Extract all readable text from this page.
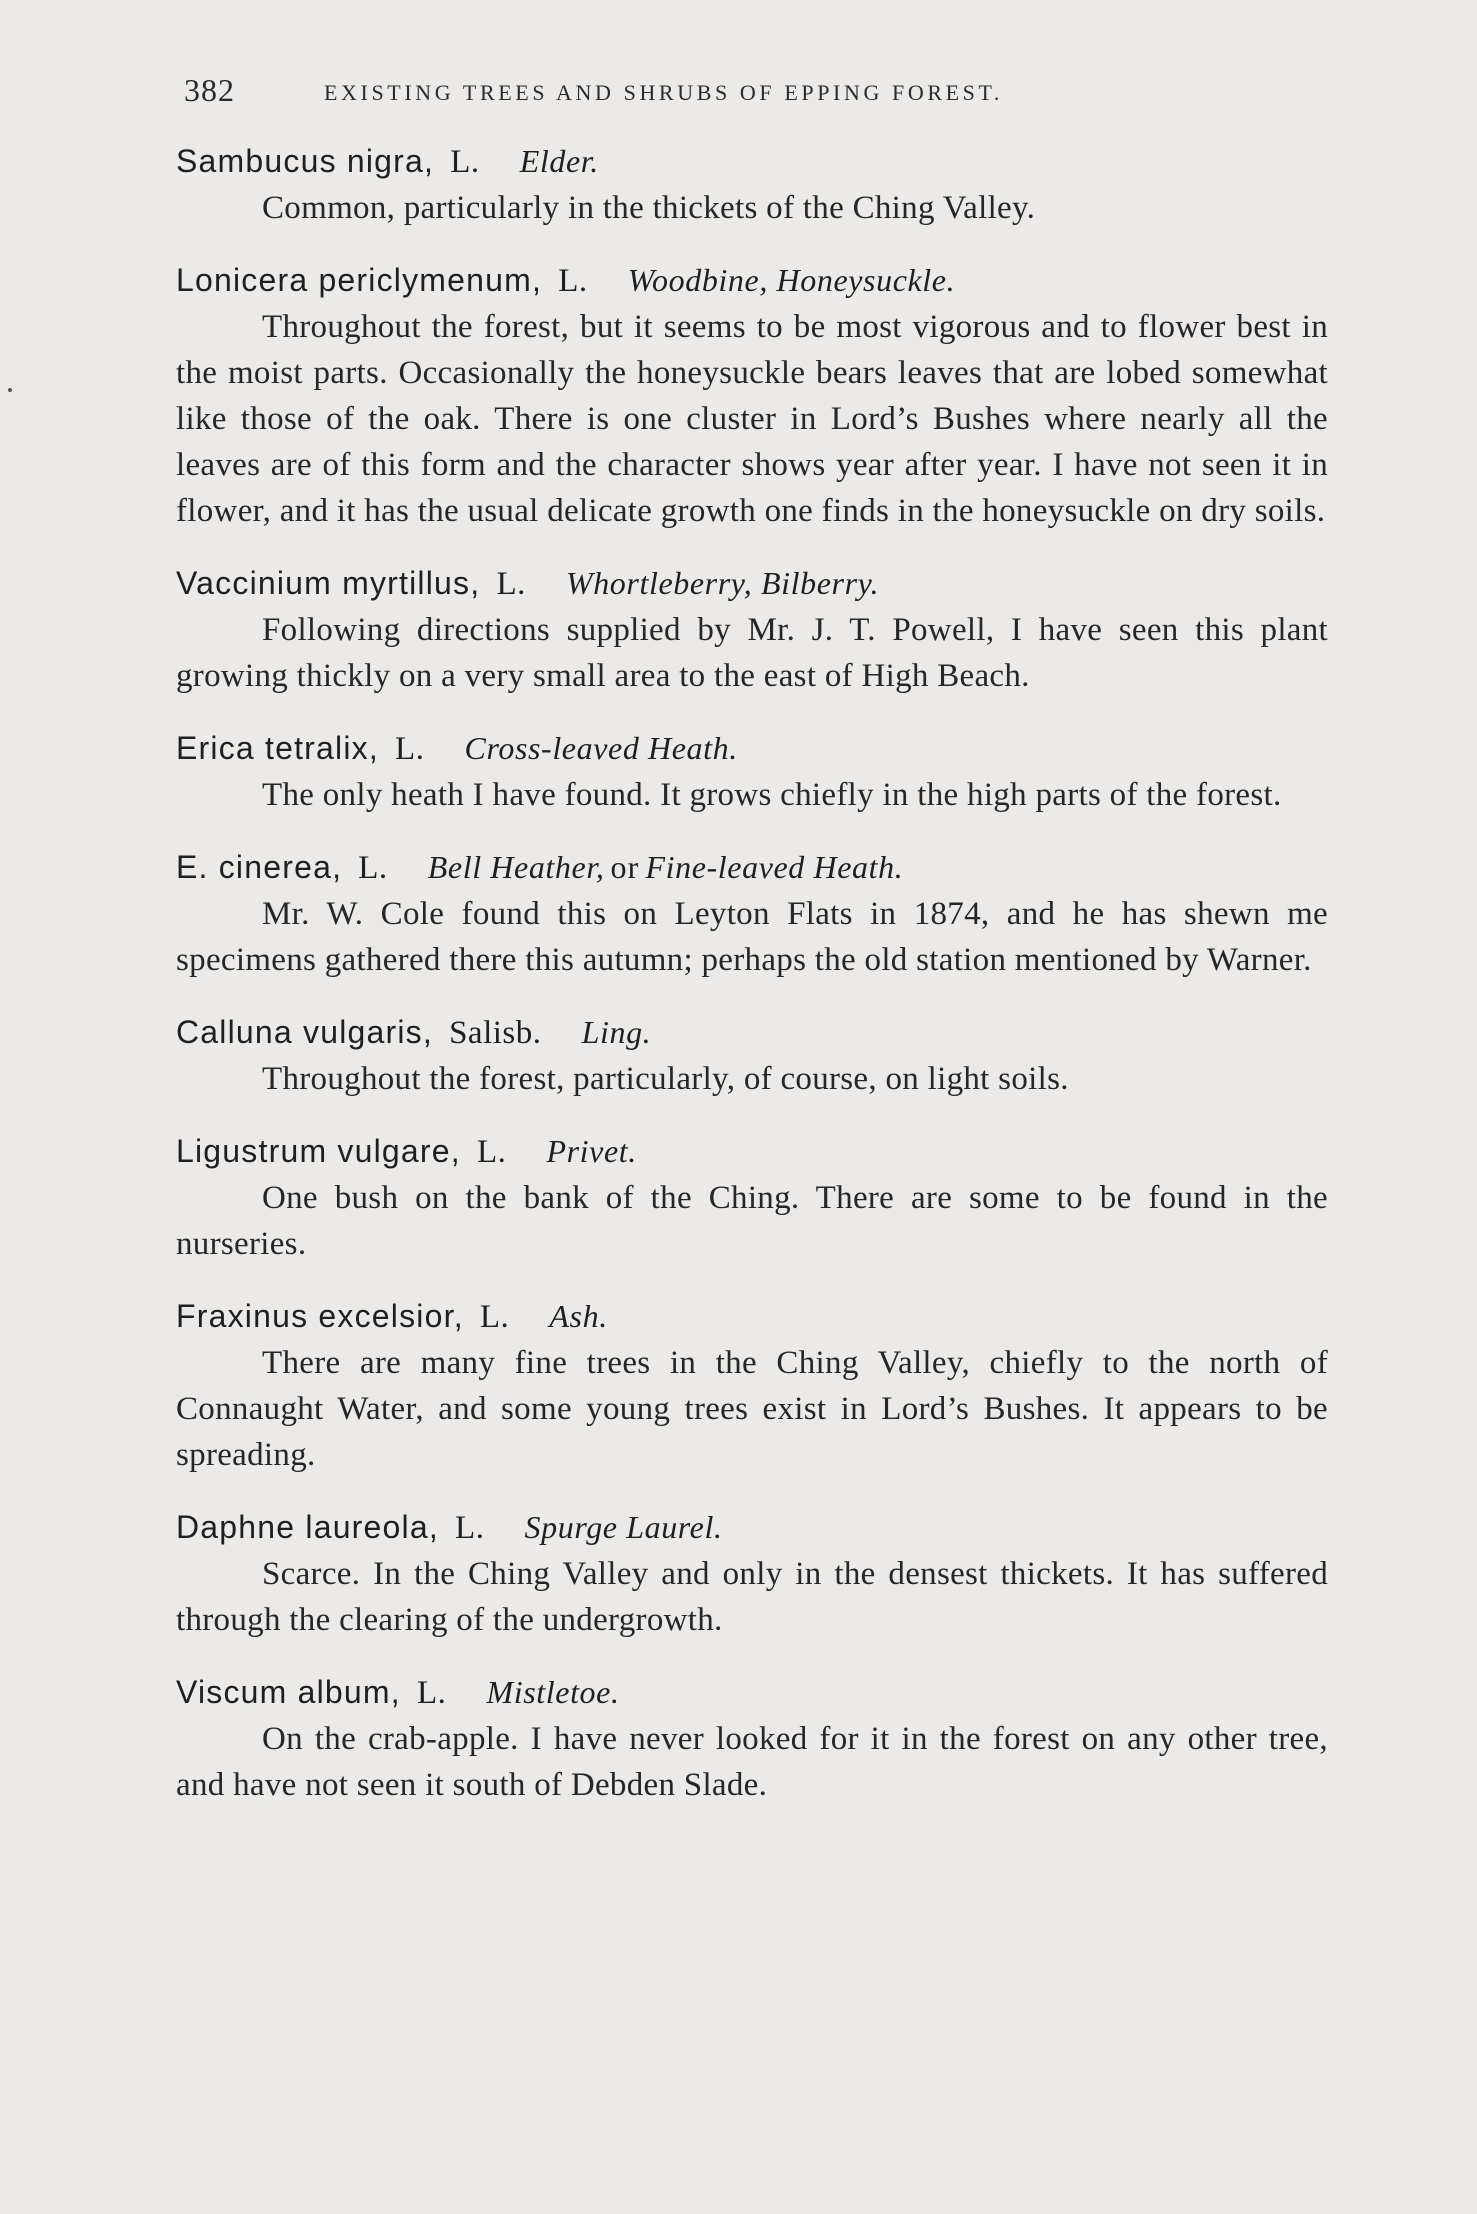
382	EXISTING TREES AND SHRUBS OF EPPING FOREST.
Sambucus nigra, L. Elder.

Common, particularly in the thickets of the Ching Valley.

Lonicera periclymenum, L. Woodbine, Honeysuckle.

Throughout the forest, but it seems to be most vigorous and to flower best in the moist parts. Occasionally the honeysuckle bears leaves that are lobed somewhat like those of the oak. There is one cluster in Lord’s Bushes where nearly all the leaves are of this form and the character shows year after year. I have not seen it in flower, and it has the usual delicate growth one finds in the honeysuckle on dry soils.

Vaccinium myrtillus, L. Whortleberry, Bilberry.

Following directions supplied by Mr. J. T. Powell, I have seen this plant growing thickly on a very small area to the east of High Beach.

Erica tetralix, L. Cross-leaved Heath.

The only heath I have found. It grows chiefly in the high parts of the forest.

E. cinerea, L. Bell Heather, or Fine-leaved Heath.

Mr. W. Cole found this on Leyton Flats in 1874, and he has shewn me specimens gathered there this autumn; perhaps the old station mentioned by Warner.

Calluna vulgaris, Salisb. Ling.

Throughout the forest, particularly, of course, on light soils.

Ligustrum vulgare, L. Privet.

One bush on the bank of the Ching. There are some to be found in the nurseries.

Fraxinus excelsior, L. Ash.

There are many fine trees in the Ching Valley, chiefly to the north of Connaught Water, and some young trees exist in Lord’s Bushes. It appears to be spreading.

Daphne laureola, L. Spurge Laurel.

Scarce. In the Ching Valley and only in the densest thickets. It has suffered through the clearing of the undergrowth.

Viscum album, L. Mistletoe.

On the crab-apple. I have never looked for it in the forest on any other tree, and have not seen it south of Debden Slade.
